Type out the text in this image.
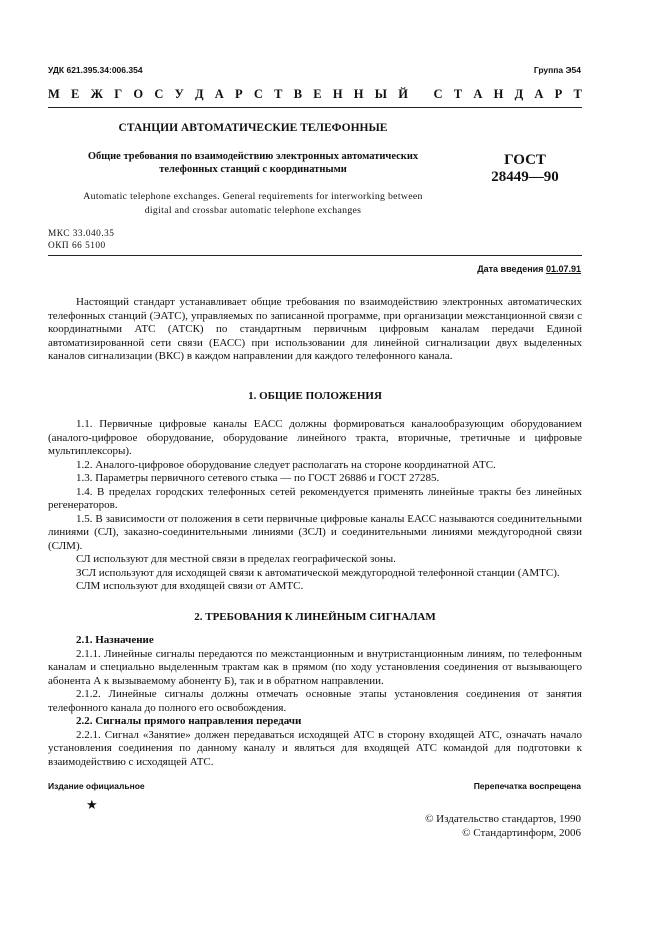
УДК 621.395.34:006.354	Группа Э54
М Е Ж Г О С У Д А Р С Т В Е Н Н Ы Й
С Т А Н Д А Р Т
СТАНЦИИ АВТОМАТИЧЕСКИЕ ТЕЛЕФОННЫЕ
Общие требования по взаимодействию электронных автоматических
телефонных станций с координатными
ГОСТ
28449—90
Automatic telephone exchanges. General requirements for interworking between
digital and crossbar automatic telephone exchanges
МКС 33.040.35
ОКП 66 5100
Дата введения 01.07.91

Настоящий стандарт устанавливает общие требования по взаимодействию электронных автоматических телефонных станций (ЭАТС), управляемых по записанной программе, при организации межстанционной связи с координатными АТС (АТСК) по стандартным первичным цифровым каналам передачи Единой автоматизированной сети связи (ЕАСС) при использовании для линейной сигнализации двух выделенных каналов сигнализации (ВКС) в каждом направлении для каждого телефонного канала.

1. ОБЩИЕ ПОЛОЖЕНИЯ

1.1. Первичные цифровые каналы ЕАСС должны формироваться каналообразующим оборудованием (аналого-цифровое оборудование, оборудование линейного тракта, вторичные, третичные и цифровые мультиплексоры).

1.2. Аналого-цифровое оборудование следует располагать на стороне координатной АТС.

1.3. Параметры первичного сетевого стыка — по ГОСТ 26886 и ГОСТ 27285.

1.4. В пределах городских телефонных сетей рекомендуется применять линейные тракты без линейных регенераторов.

1.5. В зависимости от положения в сети первичные цифровые каналы ЕАСС называются соединительными линиями (СЛ), заказно-соединительными линиями (ЗСЛ) и соединительными линиями междугородной связи (СЛМ).

СЛ используют для местной связи в пределах географической зоны.

ЗСЛ используют для исходящей связи к автоматической междугородной телефонной станции (АМТС).

СЛМ используют для входящей связи от АМТС.

2. ТРЕБОВАНИЯ К ЛИНЕЙНЫМ СИГНАЛАМ

2.1. Назначение

2.1.1. Линейные сигналы передаются по межстанционным и внутристанционным линиям, по телефонным каналам и специально выделенным трактам как в прямом (по ходу установления соединения от вызывающего абонента А к вызываемому абоненту Б), так и в обратном направлении.

2.1.2. Линейные сигналы должны отмечать основные этапы установления соединения от занятия телефонного канала до полного его освобождения.

2.2. Сигналы прямого направления передачи

2.2.1. Сигнал «Занятие» должен передаваться исходящей АТС в сторону входящей АТС, означать начало установления соединения по данному каналу и являться для входящей АТС командой для подготовки к взаимодействию с исходящей АТС.

Издание официальное	Перепечатка воспрещена
★
© Издательство стандартов, 1990
© Стандартинформ, 2006
